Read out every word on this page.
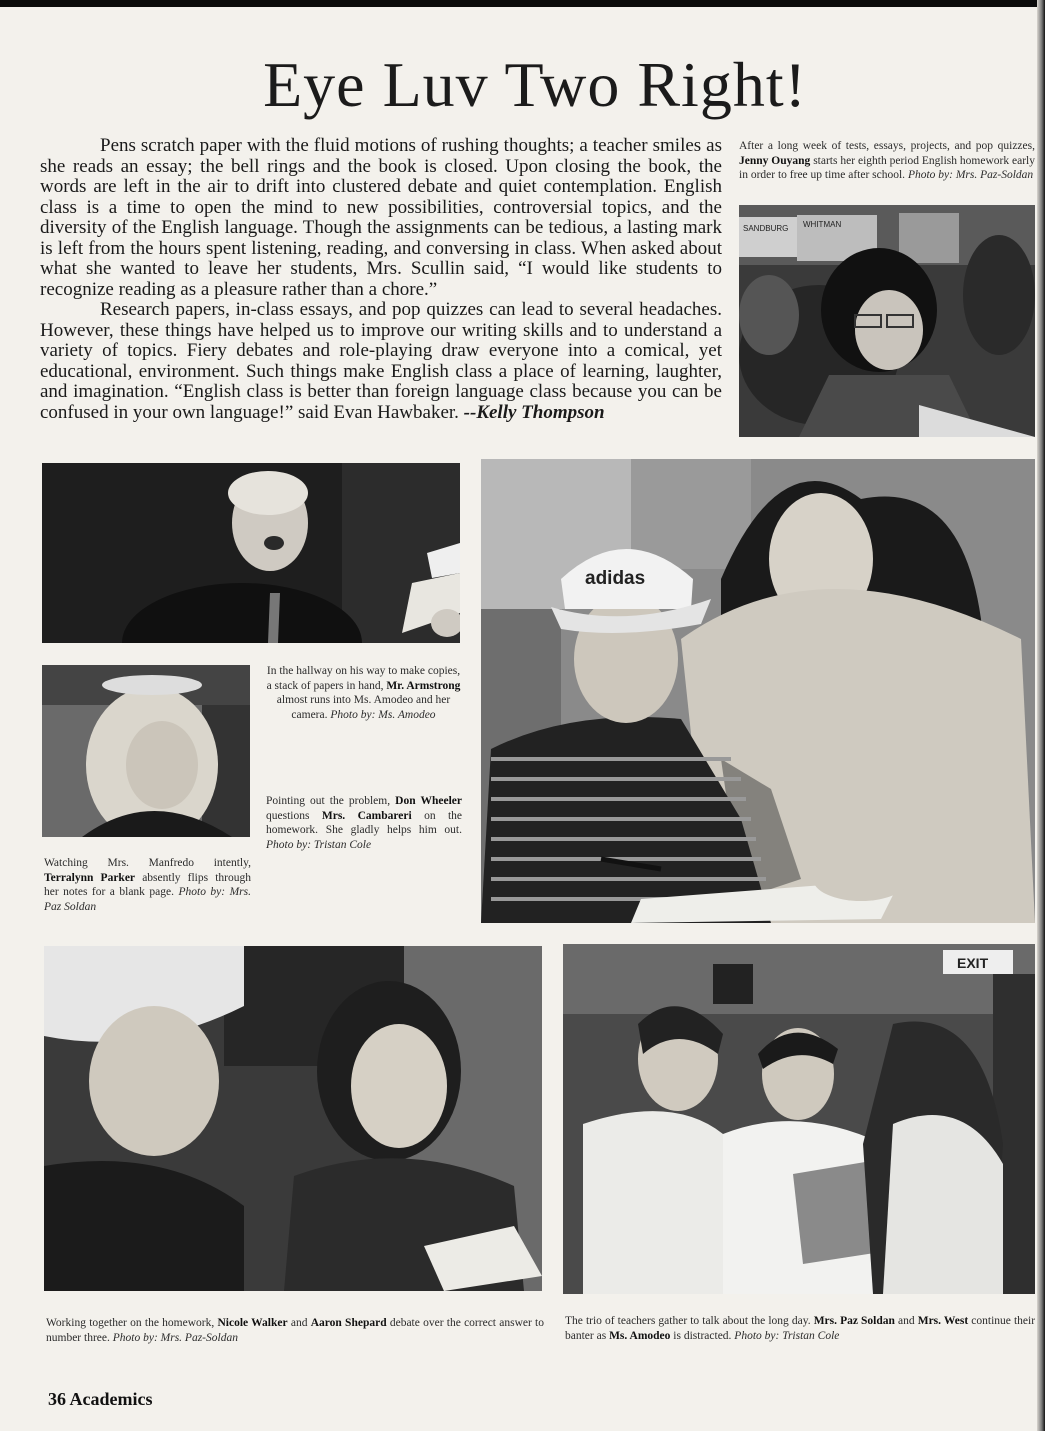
Eye Luv Two Right!

Pens scratch paper with the fluid motions of rushing thoughts; a teacher smiles as she reads an essay; the bell rings and the book is closed. Upon closing the book, the words are left in the air to drift into clustered debate and quiet contemplation. English class is a time to open the mind to new possibilities, controversial topics, and the diversity of the English language. Though the assignments can be tedious, a lasting mark is left from the hours spent listening, reading, and conversing in class. When asked about what she wanted to leave her students, Mrs. Scullin said, “I would like students to recognize reading as a pleasure rather than a chore.”

Research papers, in-class essays, and pop quizzes can lead to several headaches. However, these things have helped us to improve our writing skills and to understand a variety of topics. Fiery debates and role-playing draw everyone into a comical, yet educational, environment. Such things make English class a place of learning, laughter, and imagination. “English class is better than foreign language class because you can be confused in your own language!” said Evan Hawbaker. --Kelly Thompson

After a long week of tests, essays, projects, and pop quizzes, Jenny Ouyang starts her eighth period English homework early in order to free up time after school. Photo by: Mrs. Paz-Soldan

SANDBURG WHITMAN

In the hallway on his way to make copies, a stack of papers in hand, Mr. Armstrong almost runs into Ms. Amodeo and her camera. Photo by: Ms. Amodeo

Pointing out the problem, Don Wheeler questions Mrs. Cambareri on the homework. She gladly helps him out. Photo by: Tristan Cole

Watching Mrs. Manfredo intently, Terralynn Parker absently flips through her notes for a blank page. Photo by: Mrs. Paz Soldan

adidas
EXIT

Working together on the homework, Nicole Walker and Aaron Shepard debate over the correct answer to number three. Photo by: Mrs. Paz-Soldan

The trio of teachers gather to talk about the long day. Mrs. Paz Soldan and Mrs. West continue their banter as Ms. Amodeo is distracted. Photo by: Tristan Cole

36 Academics
